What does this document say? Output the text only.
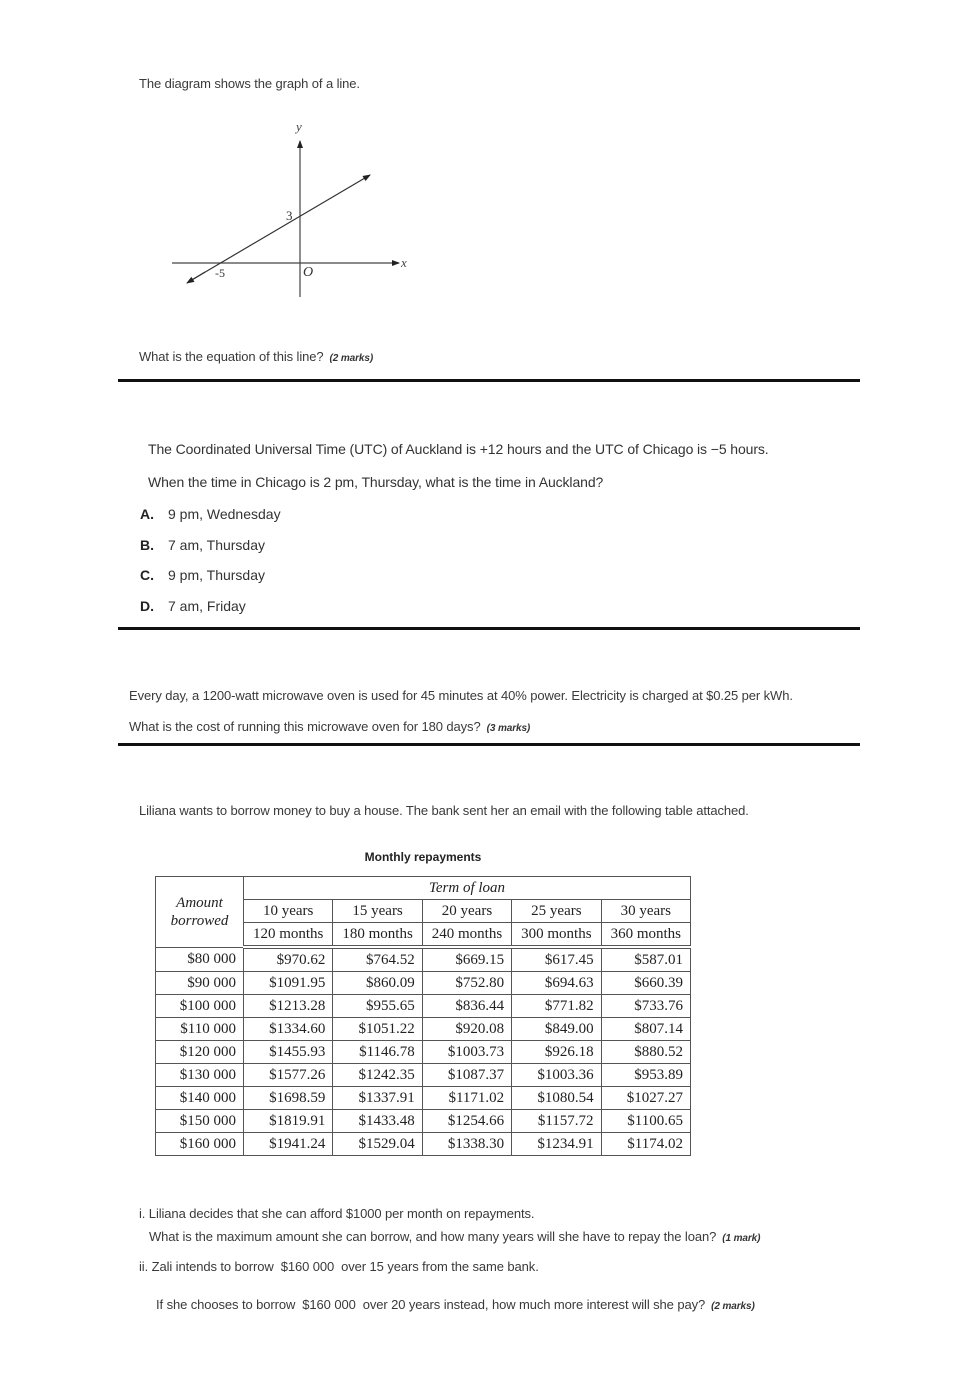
The diagram shows the graph of a line.
y
x
O
3
-5
What is the equation of this line? (2 marks)
The Coordinated Universal Time (UTC) of Auckland is +12 hours and the UTC of Chicago is −5 hours.
When the time in Chicago is 2 pm, Thursday, what is the time in Auckland?
A. 9 pm, Wednesday
B. 7 am, Thursday
C. 9 pm, Thursday
D. 7 am, Friday
Every day, a 1200-watt microwave oven is used for 45 minutes at 40% power. Electricity is charged at $0.25 per kWh.
What is the cost of running this microwave oven for 180 days? (3 marks)
Liliana wants to borrow money to buy a house. The bank sent her an email with the following table attached.
Monthly repayments
Amount
borrowed	Term of loan				
	10 years	15 years	20 years	25 years	30 years
	120 months	180 months	240 months	300 months	360 months
$80 000	$970.62	$764.52	$669.15	$617.45	$587.01
$90 000	$1091.95	$860.09	$752.80	$694.63	$660.39
$100 000	$1213.28	$955.65	$836.44	$771.82	$733.76
$110 000	$1334.60	$1051.22	$920.08	$849.00	$807.14
$120 000	$1455.93	$1146.78	$1003.73	$926.18	$880.52
$130 000	$1577.26	$1242.35	$1087.37	$1003.36	$953.89
$140 000	$1698.59	$1337.91	$1171.02	$1080.54	$1027.27
$150 000	$1819.91	$1433.48	$1254.66	$1157.72	$1100.65
$160 000	$1941.24	$1529.04	$1338.30	$1234.91	$1174.02
i. Liliana decides that she can afford $1000 per month on repayments.
What is the maximum amount she can borrow, and how many years will she have to repay the loan? (1 mark)
ii. Zali intends to borrow  $160 000  over 15 years from the same bank.

If she chooses to borrow  $160 000  over 20 years instead, how much more interest will she pay? (2 marks)
